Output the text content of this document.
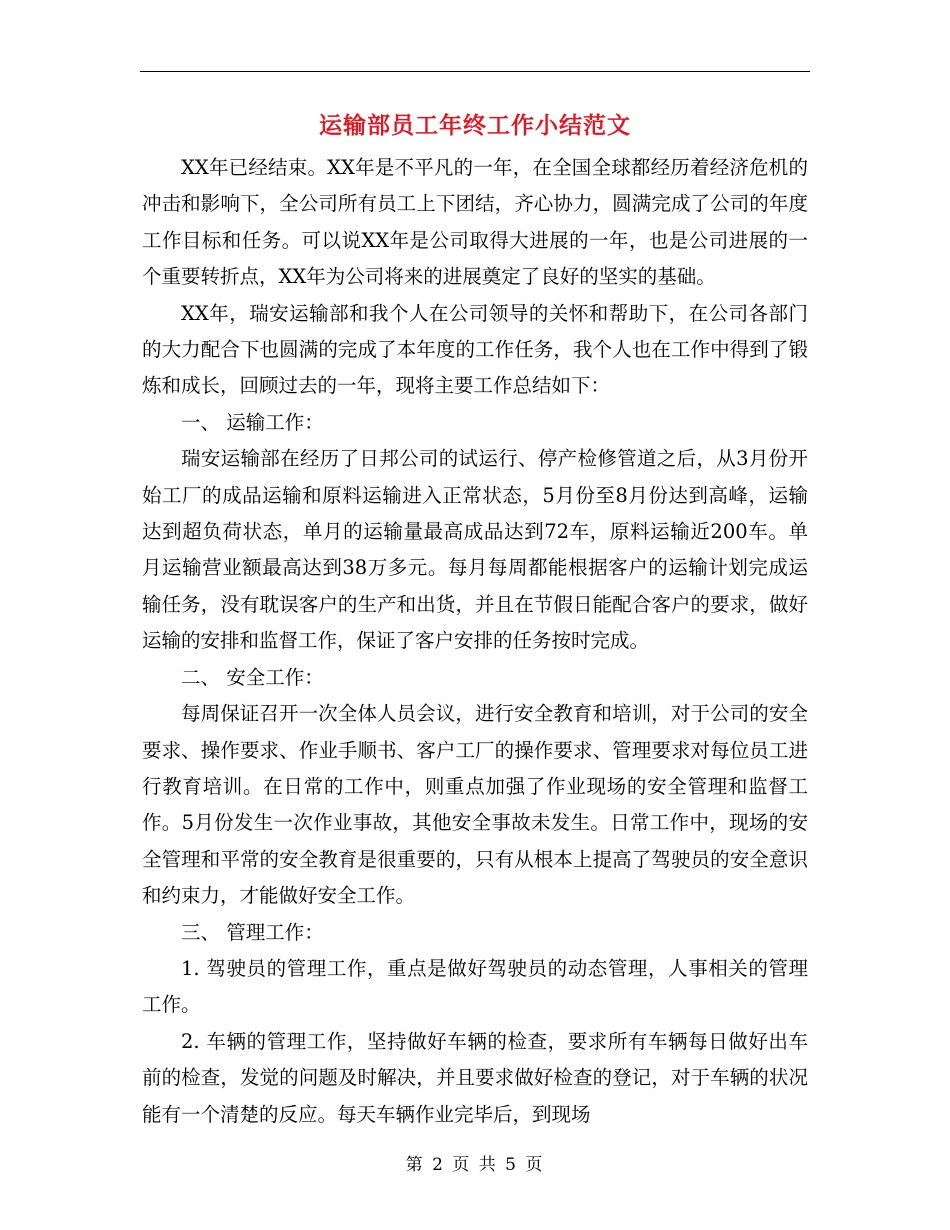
运输部员工年终工作小结范文

XX年已经结束。XX年是不平凡的一年，在全国全球都经历着经济危机的冲击和影响下，全公司所有员工上下团结，齐心协力，圆满完成了公司的年度工作目标和任务。可以说XX年是公司取得大进展的一年，也是公司进展的一个重要转折点，XX年为公司将来的进展奠定了良好的坚实的基础。

XX年，瑞安运输部和我个人在公司领导的关怀和帮助下，在公司各部门的大力配合下也圆满的完成了本年度的工作任务，我个人也在工作中得到了锻炼和成长，回顾过去的一年，现将主要工作总结如下：

一、 运输工作：

瑞安运输部在经历了日邦公司的试运行、停产检修管道之后，从3月份开始工厂的成品运输和原料运输进入正常状态，5月份至8月份达到高峰，运输达到超负荷状态，单月的运输量最高成品达到72车，原料运输近200车。单月运输营业额最高达到38万多元。每月每周都能根据客户的运输计划完成运输任务，没有耽误客户的生产和出货，并且在节假日能配合客户的要求，做好运输的安排和监督工作，保证了客户安排的任务按时完成。

二、 安全工作：

每周保证召开一次全体人员会议，进行安全教育和培训，对于公司的安全要求、操作要求、作业手顺书、客户工厂的操作要求、管理要求对每位员工进行教育培训。在日常的工作中，则重点加强了作业现场的安全管理和监督工作。5月份发生一次作业事故，其他安全事故未发生。日常工作中，现场的安全管理和平常的安全教育是很重要的，只有从根本上提高了驾驶员的安全意识和约束力，才能做好安全工作。

三、 管理工作：

1. 驾驶员的管理工作，重点是做好驾驶员的动态管理，人事相关的管理工作。

2. 车辆的管理工作，坚持做好车辆的检查，要求所有车辆每日做好出车前的检查，发觉的问题及时解决，并且要求做好检查的登记，对于车辆的状况能有一个清楚的反应。每天车辆作业完毕后，到现场

第 2 页 共 5 页
